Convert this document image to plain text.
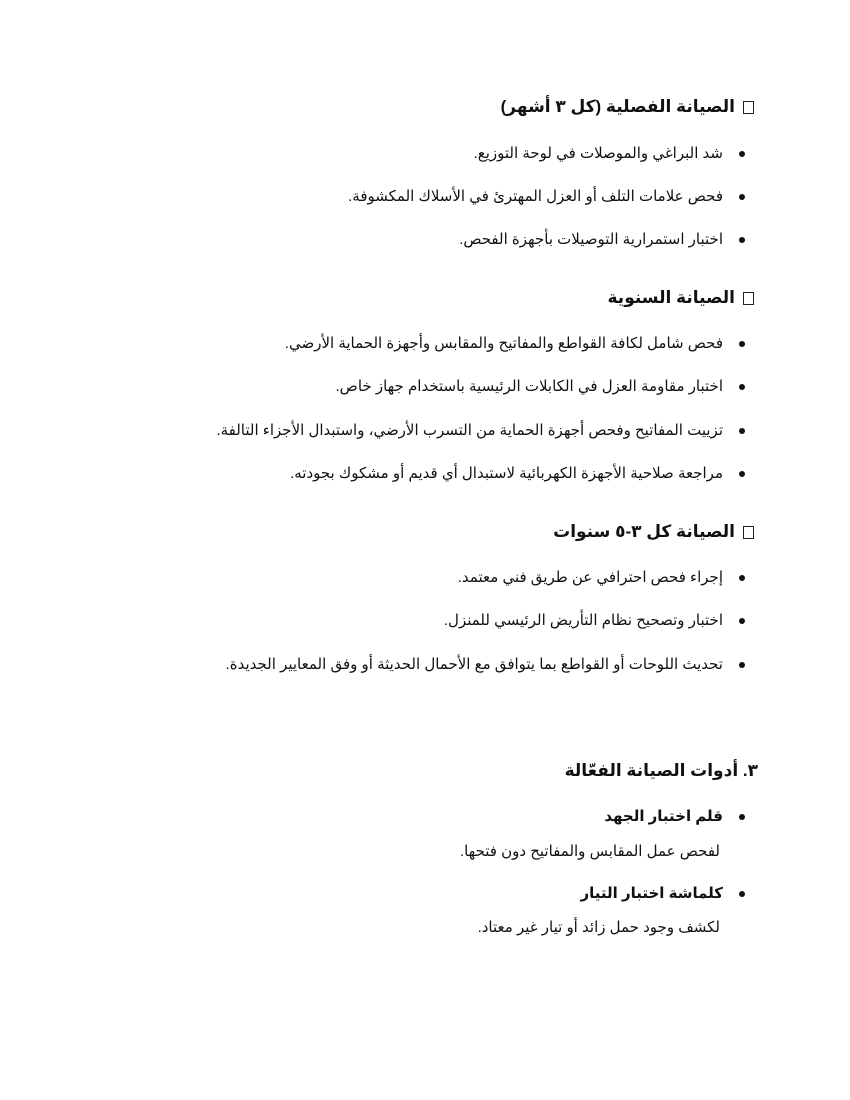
الصيانة الفصلية (كل ٣ أشهر)
شد البراغي والموصلات في لوحة التوزيع.
فحص علامات التلف أو العزل المهترئ في الأسلاك المكشوفة.
اختبار استمرارية التوصيلات بأجهزة الفحص.
الصيانة السنوية
فحص شامل لكافة القواطع والمفاتيح والمقابس وأجهزة الحماية الأرضي.
اختبار مقاومة العزل في الكابلات الرئيسية باستخدام جهاز خاص.
تزييت المفاتيح وفحص أجهزة الحماية من التسرب الأرضي، واستبدال الأجزاء التالفة.
مراجعة صلاحية الأجهزة الكهربائية لاستبدال أي قديم أو مشكوك بجودته.
الصيانة كل ٣-٥ سنوات
إجراء فحص احترافي عن طريق فني معتمد.
اختبار وتصحيح نظام التأريض الرئيسي للمنزل.
تحديث اللوحات أو القواطع بما يتوافق مع الأحمال الحديثة أو وفق المعايير الجديدة.
٣. أدوات الصيانة الفعّالة
قلم اختبار الجهد
لفحص عمل المقابس والمفاتيح دون فتحها.
كلماشة اختبار التيار
لكشف وجود حمل زائد أو تيار غير معتاد.
